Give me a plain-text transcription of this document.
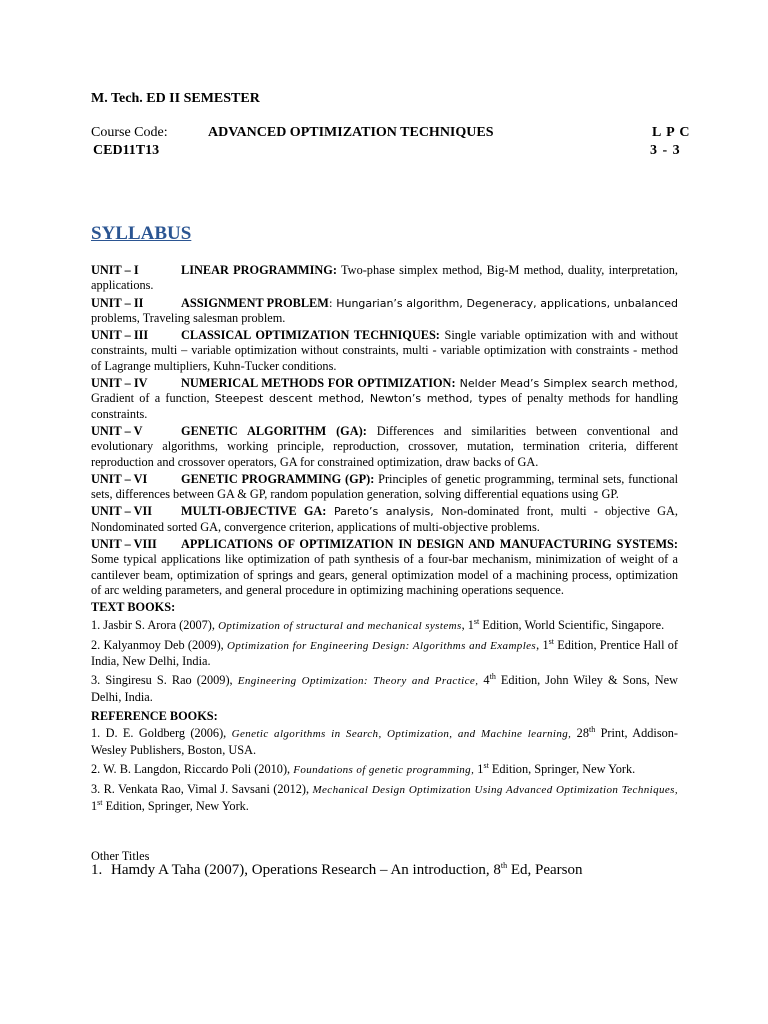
M. Tech. ED II SEMESTER
Course Code:	ADVANCED OPTIMIZATION TECHNIQUES	L P C
CED11T13	3 - 3
SYLLABUS
UNIT – I	LINEAR PROGRAMMING: Two-phase simplex method, Big-M method, duality, interpretation, applications.
UNIT – II	ASSIGNMENT PROBLEM: Hungarian’s algorithm, Degeneracy, applications, unbalanced problems, Traveling salesman problem.
UNIT – III	CLASSICAL OPTIMIZATION TECHNIQUES: Single variable optimization with and without constraints, multi – variable optimization without constraints, multi - variable optimization with constraints - method of Lagrange multipliers, Kuhn-Tucker conditions.
UNIT – IV	NUMERICAL METHODS FOR OPTIMIZATION: Nelder Mead’s Simplex search method, Gradient of a function, Steepest descent method, Newton’s method, types of penalty methods for handling constraints.
UNIT – V	GENETIC ALGORITHM (GA): Differences and similarities between conventional and evolutionary algorithms, working principle, reproduction, crossover, mutation, termination criteria, different reproduction and crossover operators, GA for constrained optimization, draw backs of GA.
UNIT – VI	GENETIC PROGRAMMING (GP): Principles of genetic programming, terminal sets, functional sets, differences between GA & GP, random population generation, solving differential equations using GP.
UNIT – VII MULTI-OBJECTIVE GA: Pareto’s analysis, Non-dominated front, multi - objective GA, Nondominated sorted GA, convergence criterion, applications of multi-objective problems.
UNIT – VIII APPLICATIONS OF OPTIMIZATION IN DESIGN AND MANUFACTURING SYSTEMS: Some typical applications like optimization of path synthesis of a four-bar mechanism, minimization of weight of a cantilever beam, optimization of springs and gears, general optimization model of a machining process, optimization of arc welding parameters, and general procedure in optimizing machining operations sequence.
TEXT BOOKS:
1. Jasbir S. Arora (2007), Optimization of structural and mechanical systems, 1st Edition, World Scientific, Singapore.
2. Kalyanmoy Deb (2009), Optimization for Engineering Design: Algorithms and Examples, 1st Edition, Prentice Hall of India, New Delhi, India.
3. Singiresu S. Rao (2009), Engineering Optimization: Theory and Practice, 4th Edition, John Wiley & Sons, New Delhi, India.
REFERENCE BOOKS:
1. D. E. Goldberg (2006), Genetic algorithms in Search, Optimization, and Machine learning, 28th Print, Addison-Wesley Publishers, Boston, USA.
2. W. B. Langdon, Riccardo Poli (2010), Foundations of genetic programming, 1st Edition, Springer, New York.
3. R. Venkata Rao, Vimal J. Savsani (2012), Mechanical Design Optimization Using Advanced Optimization Techniques, 1st Edition, Springer, New York.
Other Titles
1. Hamdy A Taha (2007), Operations Research – An introduction, 8th Ed, Pearson
